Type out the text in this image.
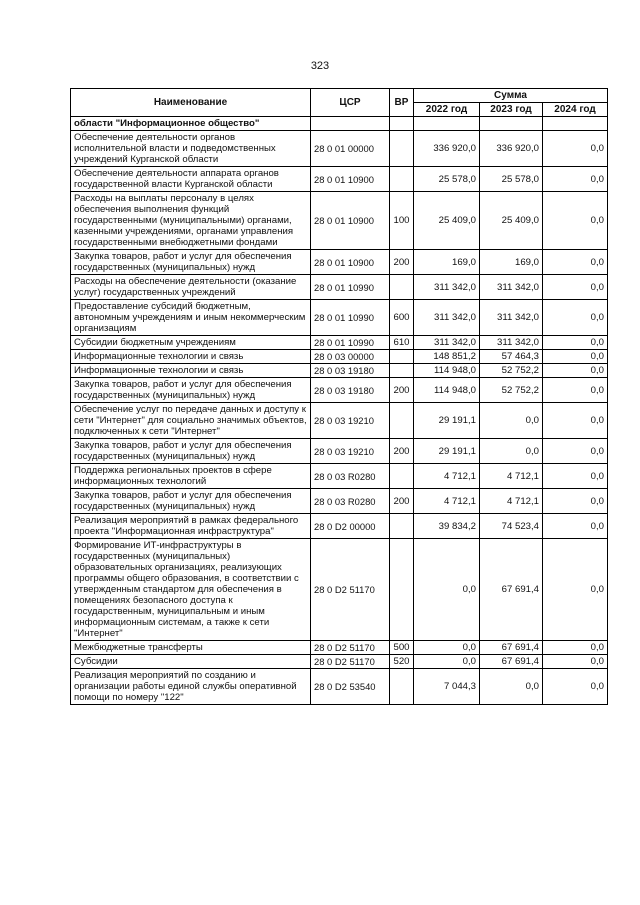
323
Наименование	ЦСР	ВР	Сумма		
			2022 год	2023 год	2024 год
области "Информационное общество"					
Обеспечение деятельности органов исполнительной власти и подведомственных учреждений Курганской области	28 0 01 00000		336 920,0	336 920,0	0,0
Обеспечение деятельности аппарата органов государственной власти Курганской области	28 0 01 10900		25 578,0	25 578,0	0,0
Расходы на выплаты персоналу в целях обеспечения выполнения функций государственными (муниципальными) органами, казенными учреждениями, органами управления государственными внебюджетными фондами	28 0 01 10900	100	25 409,0	25 409,0	0,0
Закупка товаров, работ и услуг для обеспечения государственных (муниципальных) нужд	28 0 01 10900	200	169,0	169,0	0,0
Расходы на обеспечение деятельности (оказание услуг) государственных учреждений	28 0 01 10990		311 342,0	311 342,0	0,0
Предоставление субсидий бюджетным, автономным учреждениям и иным некоммерческим организациям	28 0 01 10990	600	311 342,0	311 342,0	0,0
Субсидии бюджетным учреждениям	28 0 01 10990	610	311 342,0	311 342,0	0,0
Информационные технологии и связь	28 0 03 00000		148 851,2	57 464,3	0,0
Информационные технологии и связь	28 0 03 19180		114 948,0	52 752,2	0,0
Закупка товаров, работ и услуг для обеспечения государственных (муниципальных) нужд	28 0 03 19180	200	114 948,0	52 752,2	0,0
Обеспечение услуг по передаче данных и доступу к сети "Интернет" для социально значимых объектов, подключенных к сети "Интернет"	28 0 03 19210		29 191,1	0,0	0,0
Закупка товаров, работ и услуг для обеспечения государственных (муниципальных) нужд	28 0 03 19210	200	29 191,1	0,0	0,0
Поддержка региональных проектов в сфере информационных технологий	28 0 03 R0280		4 712,1	4 712,1	0,0
Закупка товаров, работ и услуг для обеспечения государственных (муниципальных) нужд	28 0 03 R0280	200	4 712,1	4 712,1	0,0
Реализация мероприятий в рамках федерального проекта "Информационная инфраструктура"	28 0 D2 00000		39 834,2	74 523,4	0,0
Формирование ИТ-инфраструктуры в государственных (муниципальных) образовательных организациях, реализующих программы общего образования, в соответствии с утвержденным стандартом для обеспечения в помещениях безопасного доступа к государственным, муниципальным и иным информационным системам, а также к сети "Интернет"	28 0 D2 51170		0,0	67 691,4	0,0
Межбюджетные трансферты	28 0 D2 51170	500	0,0	67 691,4	0,0
Субсидии	28 0 D2 51170	520	0,0	67 691,4	0,0
Реализация мероприятий по созданию и организации работы единой службы оперативной помощи по номеру "122"	28 0 D2 53540		7 044,3	0,0	0,0
